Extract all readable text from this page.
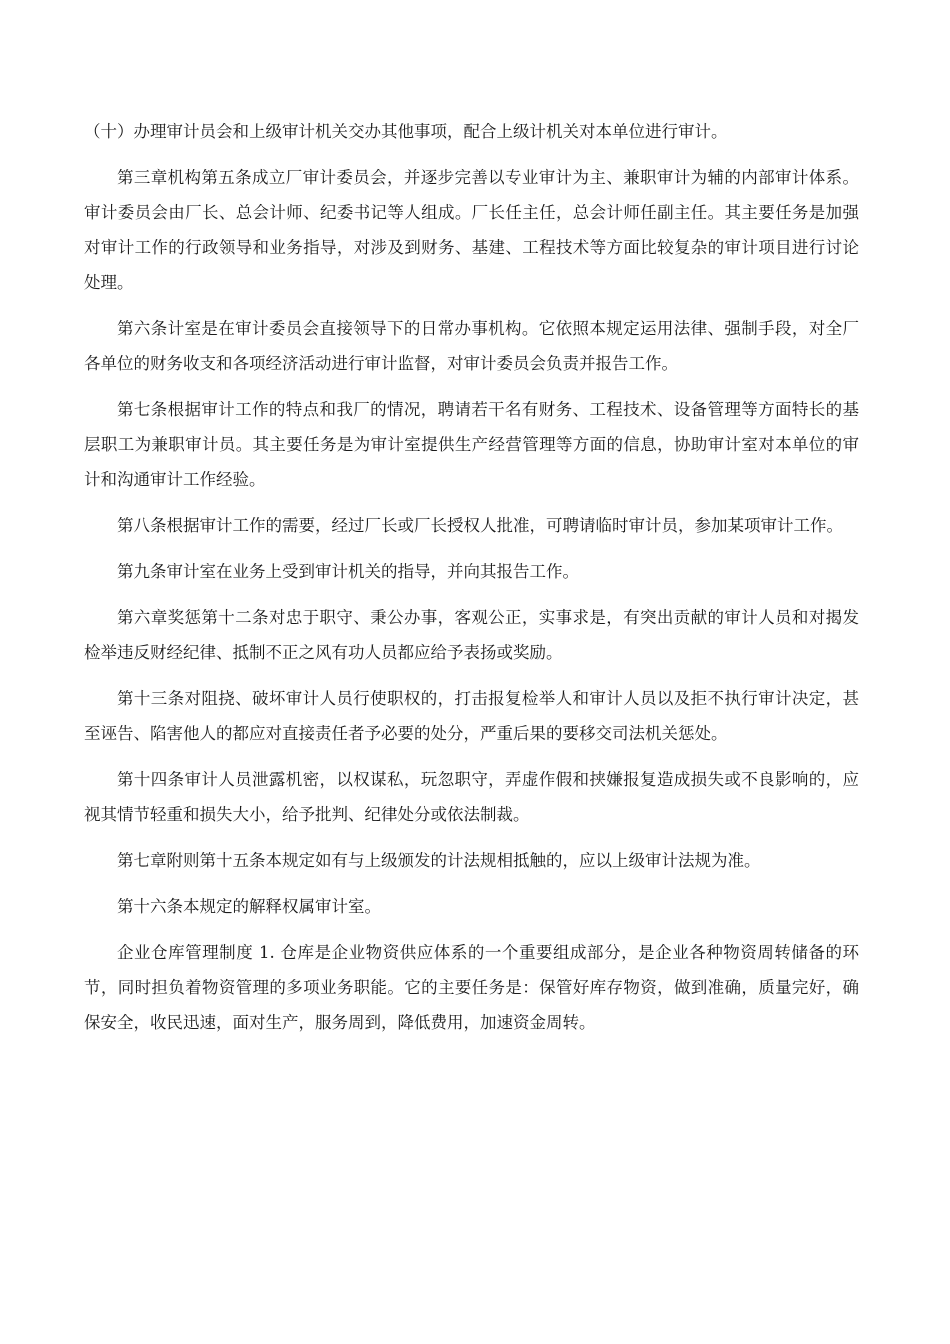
（十）办理审计员会和上级审计机关交办其他事项，配合上级计机关对本单位进行审计。

第三章机构第五条成立厂审计委员会，并逐步完善以专业审计为主、兼职审计为辅的内部审计体系。审计委员会由厂长、总会计师、纪委书记等人组成。厂长任主任，总会计师任副主任。其主要任务是加强对审计工作的行政领导和业务指导，对涉及到财务、基建、工程技术等方面比较复杂的审计项目进行讨论处理。

第六条计室是在审计委员会直接领导下的日常办事机构。它依照本规定运用法律、强制手段，对全厂各单位的财务收支和各项经济活动进行审计监督，对审计委员会负责并报告工作。

第七条根据审计工作的特点和我厂的情况，聘请若干名有财务、工程技术、设备管理等方面特长的基层职工为兼职审计员。其主要任务是为审计室提供生产经营管理等方面的信息，协助审计室对本单位的审计和沟通审计工作经验。

第八条根据审计工作的需要，经过厂长或厂长授权人批准，可聘请临时审计员，参加某项审计工作。

第九条审计室在业务上受到审计机关的指导，并向其报告工作。

第六章奖惩第十二条对忠于职守、秉公办事，客观公正，实事求是，有突出贡献的审计人员和对揭发检举违反财经纪律、抵制不正之风有功人员都应给予表扬或奖励。

第十三条对阻挠、破坏审计人员行使职权的，打击报复检举人和审计人员以及拒不执行审计决定，甚至诬告、陷害他人的都应对直接责任者予必要的处分，严重后果的要移交司法机关惩处。

第十四条审计人员泄露机密，以权谋私，玩忽职守，弄虚作假和挟嫌报复造成损失或不良影响的，应视其情节轻重和损失大小，给予批判、纪律处分或依法制裁。

第七章附则第十五条本规定如有与上级颁发的计法规相抵触的，应以上级审计法规为准。

第十六条本规定的解释权属审计室。

企业仓库管理制度 1. 仓库是企业物资供应体系的一个重要组成部分，是企业各种物资周转储备的环节，同时担负着物资管理的多项业务职能。它的主要任务是：保管好库存物资，做到准确，质量完好，确保安全，收民迅速，面对生产，服务周到，降低费用，加速资金周转。
